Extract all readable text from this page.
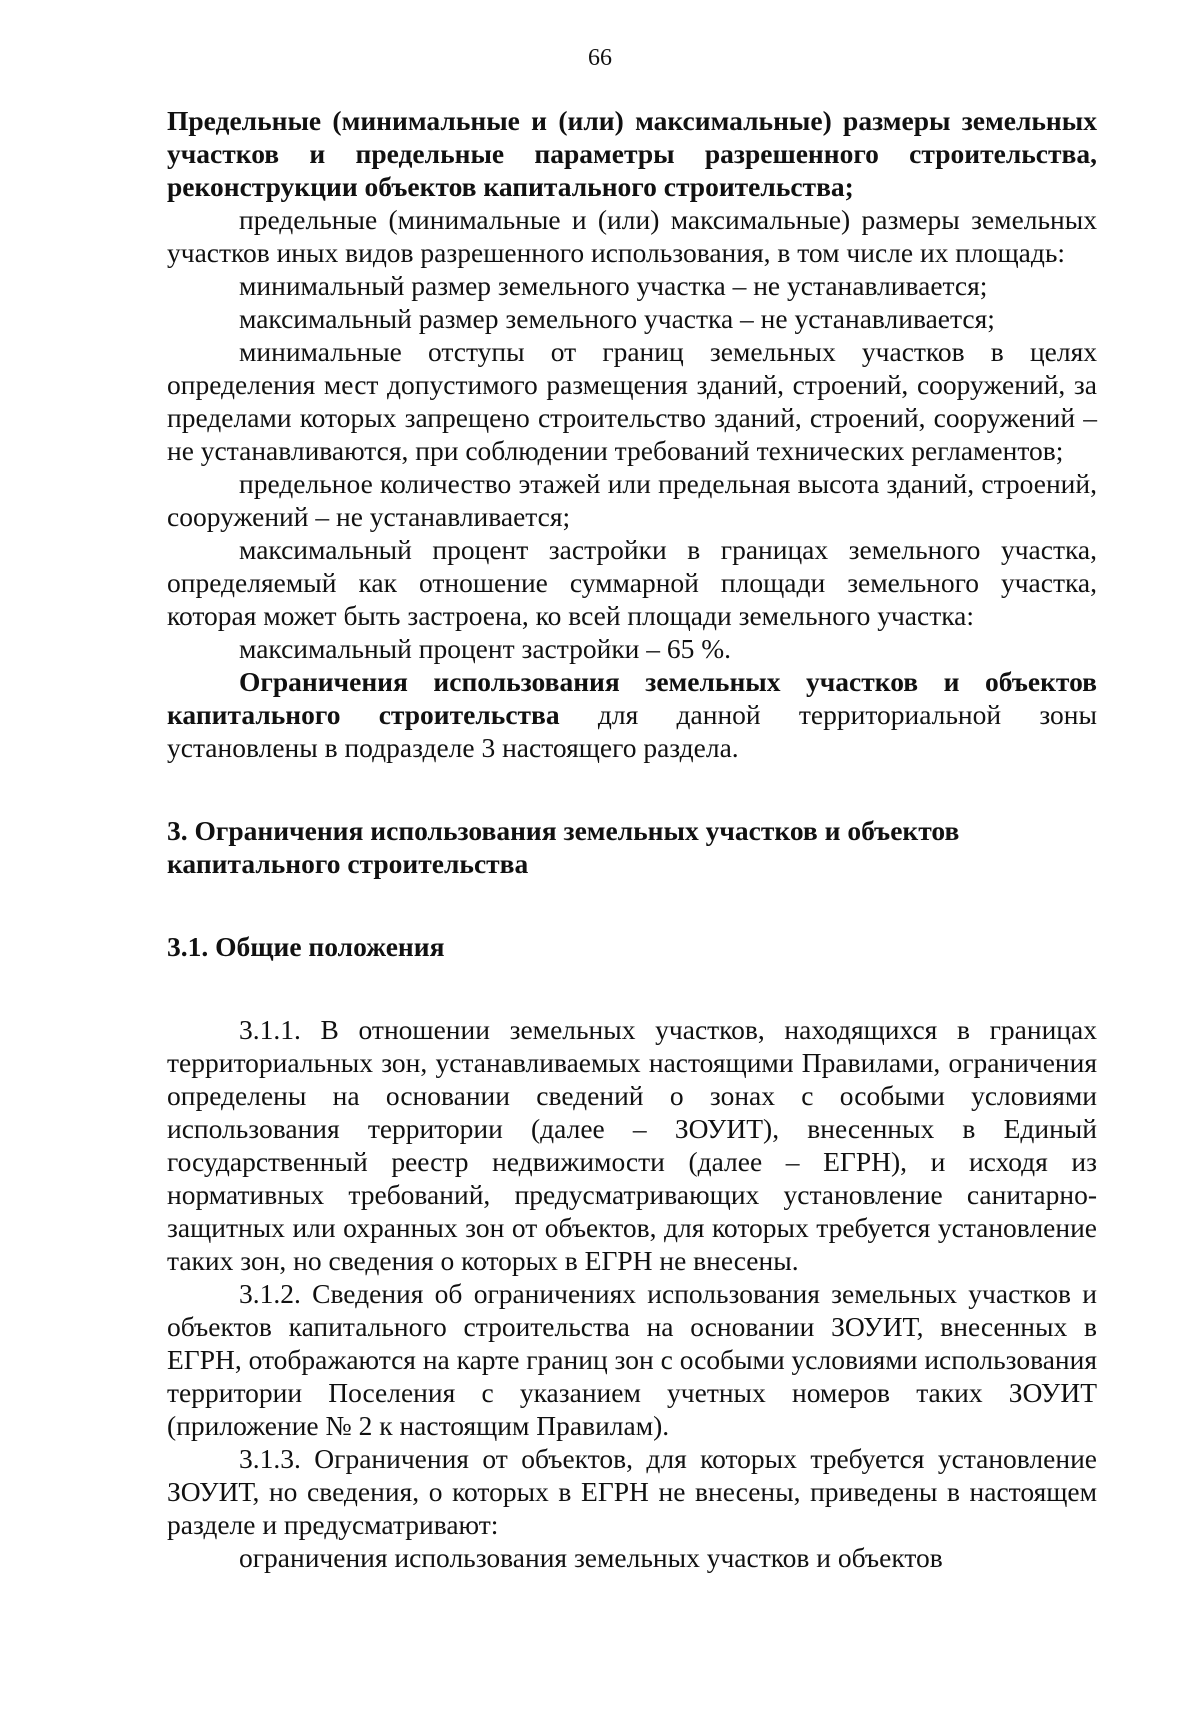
66

Предельные (минимальные и (или) максимальные) размеры земельных участков и предельные параметры разрешенного строительства, реконструкции объектов капитального строительства;

предельные (минимальные и (или) максимальные) размеры земельных участков иных видов разрешенного использования, в том числе их площадь:

минимальный размер земельного участка – не устанавливается;

максимальный размер земельного участка – не устанавливается;

минимальные отступы от границ земельных участков в целях определения мест допустимого размещения зданий, строений, сооружений, за пределами которых запрещено строительство зданий, строений, сооружений – не устанавливаются, при соблюдении требований технических регламентов;

предельное количество этажей или предельная высота зданий, строений, сооружений – не устанавливается;

максимальный процент застройки в границах земельного участка, определяемый как отношение суммарной площади земельного участка, которая может быть застроена, ко всей площади земельного участка:

максимальный процент застройки – 65 %.

Ограничения использования земельных участков и объектов капитального строительства для данной территориальной зоны установлены в подразделе 3 настоящего раздела.

3. Ограничения использования земельных участков и объектов

капитального строительства

3.1. Общие положения

3.1.1. В отношении земельных участков, находящихся в границах территориальных зон, устанавливаемых настоящими Правилами, ограничения определены на основании сведений о зонах с особыми условиями использования территории (далее – ЗОУИТ), внесенных в Единый государственный реестр недвижимости (далее – ЕГРН), и исходя из нормативных требований, предусматривающих установление санитарно-защитных или охранных зон от объектов, для которых требуется установление таких зон, но сведения о которых в ЕГРН не внесены.

3.1.2. Сведения об ограничениях использования земельных участков и объектов капитального строительства на основании ЗОУИТ, внесенных в ЕГРН, отображаются на карте границ зон с особыми условиями использования территории Поселения с указанием учетных номеров таких ЗОУИТ (приложение № 2 к настоящим Правилам).

3.1.3. Ограничения от объектов, для которых требуется установление ЗОУИТ, но сведения, о которых в ЕГРН не внесены, приведены в настоящем разделе и предусматривают:

ограничения использования земельных участков и объектов
